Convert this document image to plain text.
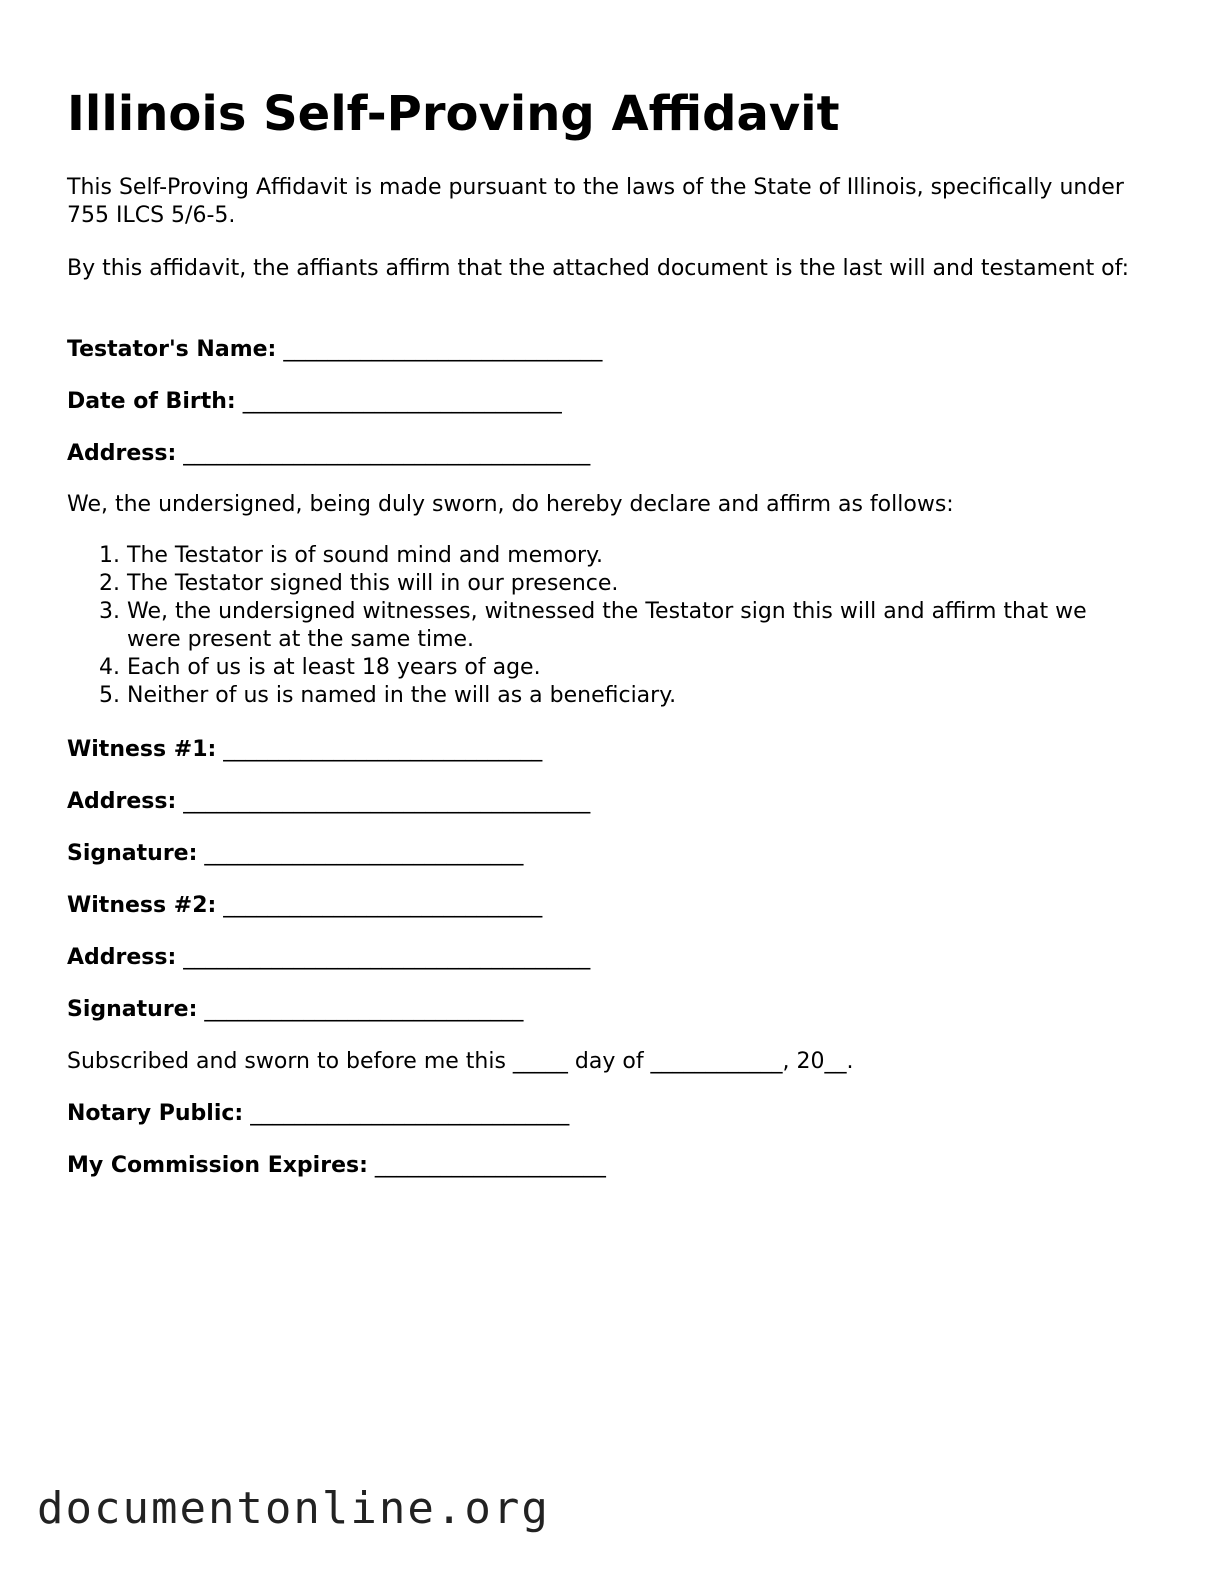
Illinois Self-Proving Affidavit

This Self-Proving Affidavit is made pursuant to the laws of the State of Illinois, specifically under 755 ILCS 5/6-5.

By this affidavit, the affiants affirm that the attached document is the last will and testament of:

Testator's Name: _____________________________

Date of Birth: _____________________________

Address: _____________________________________

We, the undersigned, being duly sworn, do hereby declare and affirm as follows:

1. The Testator is of sound mind and memory.
2. The Testator signed this will in our presence.
3. We, the undersigned witnesses, witnessed the Testator sign this will and affirm that we were present at the same time.
4. Each of us is at least 18 years of age.
5. Neither of us is named in the will as a beneficiary.

Witness #1: _____________________________

Address: _____________________________________

Signature: _____________________________

Witness #2: _____________________________

Address: _____________________________________

Signature: _____________________________

Subscribed and sworn to before me this _____ day of ____________, 20__.

Notary Public: _____________________________

My Commission Expires: _____________________

documentonline.org
